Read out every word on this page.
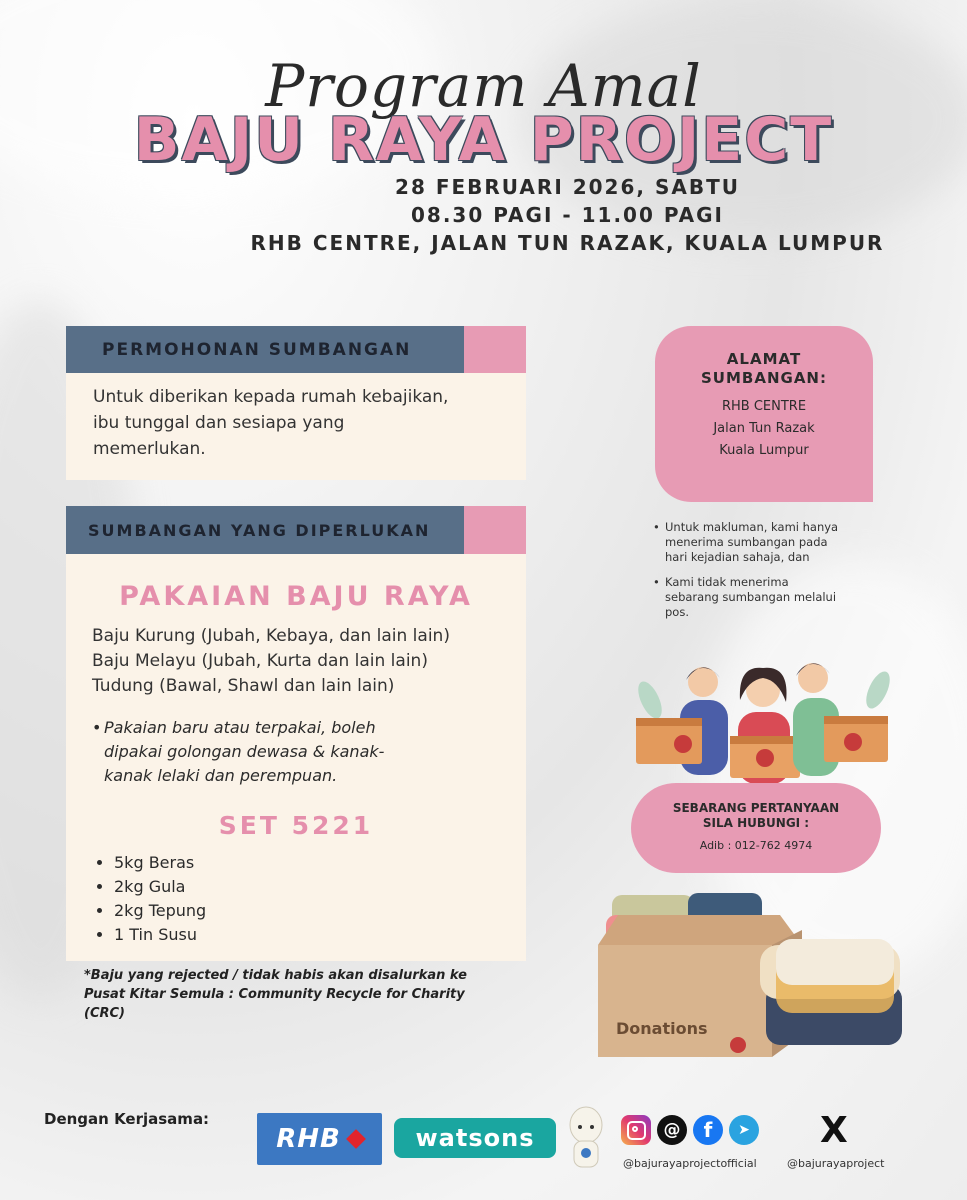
Program Amal
BAJU RAYA PROJECT
28 FEBRUARI 2026, SABTU
08.30 PAGI - 11.00 PAGI
RHB CENTRE, JALAN TUN RAZAK, KUALA LUMPUR
PERMOHONAN SUMBANGAN
Untuk diberikan kepada rumah kebajikan,
ibu tunggal dan sesiapa yang
memerlukan.
SUMBANGAN YANG DIPERLUKAN
PAKAIAN BAJU RAYA
Baju Kurung (Jubah, Kebaya, dan lain lain)
Baju Melayu (Jubah, Kurta dan lain lain)
Tudung (Bawal, Shawl dan lain lain)
• Pakaian baru atau terpakai, boleh
dipakai golongan dewasa & kanak-
kanak lelaki dan perempuan.
SET 5221
• 5kg Beras
• 2kg Gula
• 2kg Tepung
• 1 Tin Susu
*Baju yang rejected / tidak habis akan disalurkan ke
Pusat Kitar Semula : Community Recycle for Charity
(CRC)
ALAMAT
SUMBANGAN:
RHB CENTRE
Jalan Tun Razak
Kuala Lumpur
• Untuk makluman, kami hanya
menerima sumbangan pada
hari kejadian sahaja, dan
• Kami tidak menerima
sebarang sumbangan melalui
pos.
SEBARANG PERTANYAAN
SILA HUBUNGI :
Adib : 012-762 4974
Donations
Dengan Kerjasama:
RHB	watsons	@	f	➤
@bajurayaprojectofficial
X
@bajurayaproject
